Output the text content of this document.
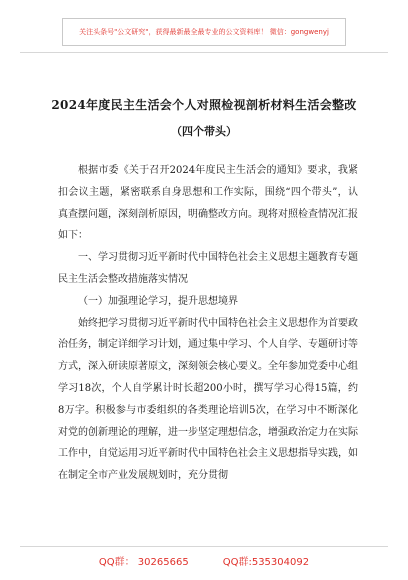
关注头条号"公文研究"，获得最新最全最专业的公文资料库！ 微信：gongwenyj
2024年度民主生活会个人对照检视剖析材料生活会整改
（四个带头）

根据市委《关于召开2024年度民主生活会的通知》要求，我紧扣会议主题，紧密联系自身思想和工作实际，围绕“四个带头”，认真查摆问题，深刻剖析原因，明确整改方向。现将对照检查情况汇报如下：

一、学习贯彻习近平新时代中国特色社会主义思想主题教育专题民主生活会整改措施落实情况

（一）加强理论学习，提升思想境界

始终把学习贯彻习近平新时代中国特色社会主义思想作为首要政治任务，制定详细学习计划，通过集中学习、个人自学、专题研讨等方式，深入研读原著原文，深刻领会核心要义。全年参加党委中心组学习18次，个人自学累计时长超200小时，撰写学习心得15篇，约8万字。积极参与市委组织的各类理论培训5次，在学习中不断深化对党的创新理论的理解，进一步坚定理想信念，增强政治定力在实际工作中，自觉运用习近平新时代中国特色社会主义思想指导实践，如在制定全市产业发展规划时，充分贯彻

QQ群： 30265665	QQ群:535304092
